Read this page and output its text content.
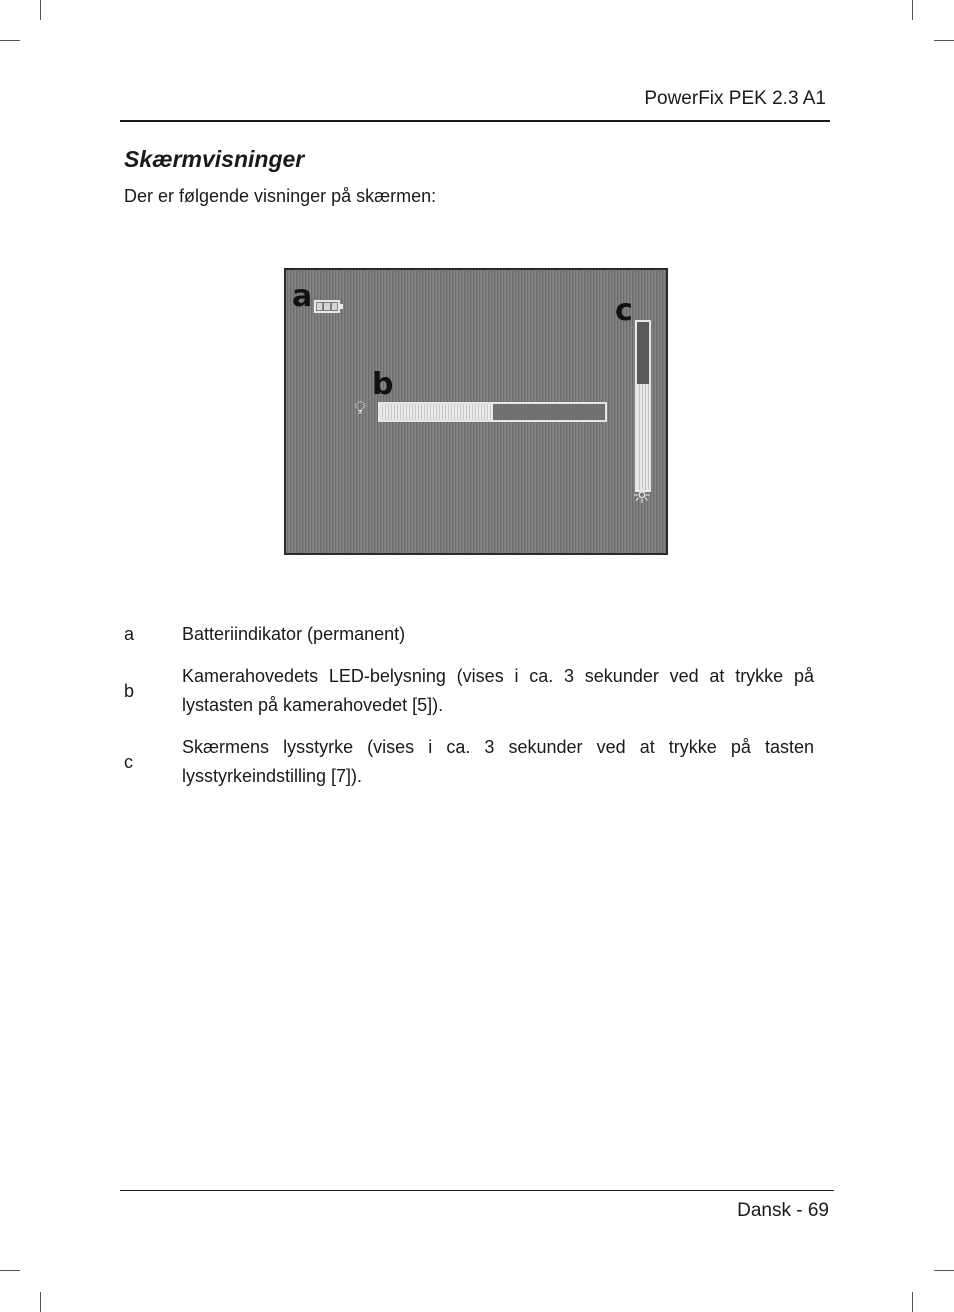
PowerFix PEK 2.3 A1
Skærmvisninger
Der er følgende visninger på skærmen:
a	c
☼
b
💡︎
a	Batteriindikator (permanent)
b
Kamerahovedets LED-belysning (vises i ca. 3 sekunder ved at trykke på lystasten på kamerahovedet [5]).
c
Skærmens lysstyrke (vises i ca. 3 sekunder ved at trykke på tasten lysstyrkeindstilling [7]).
Dansk - 69
